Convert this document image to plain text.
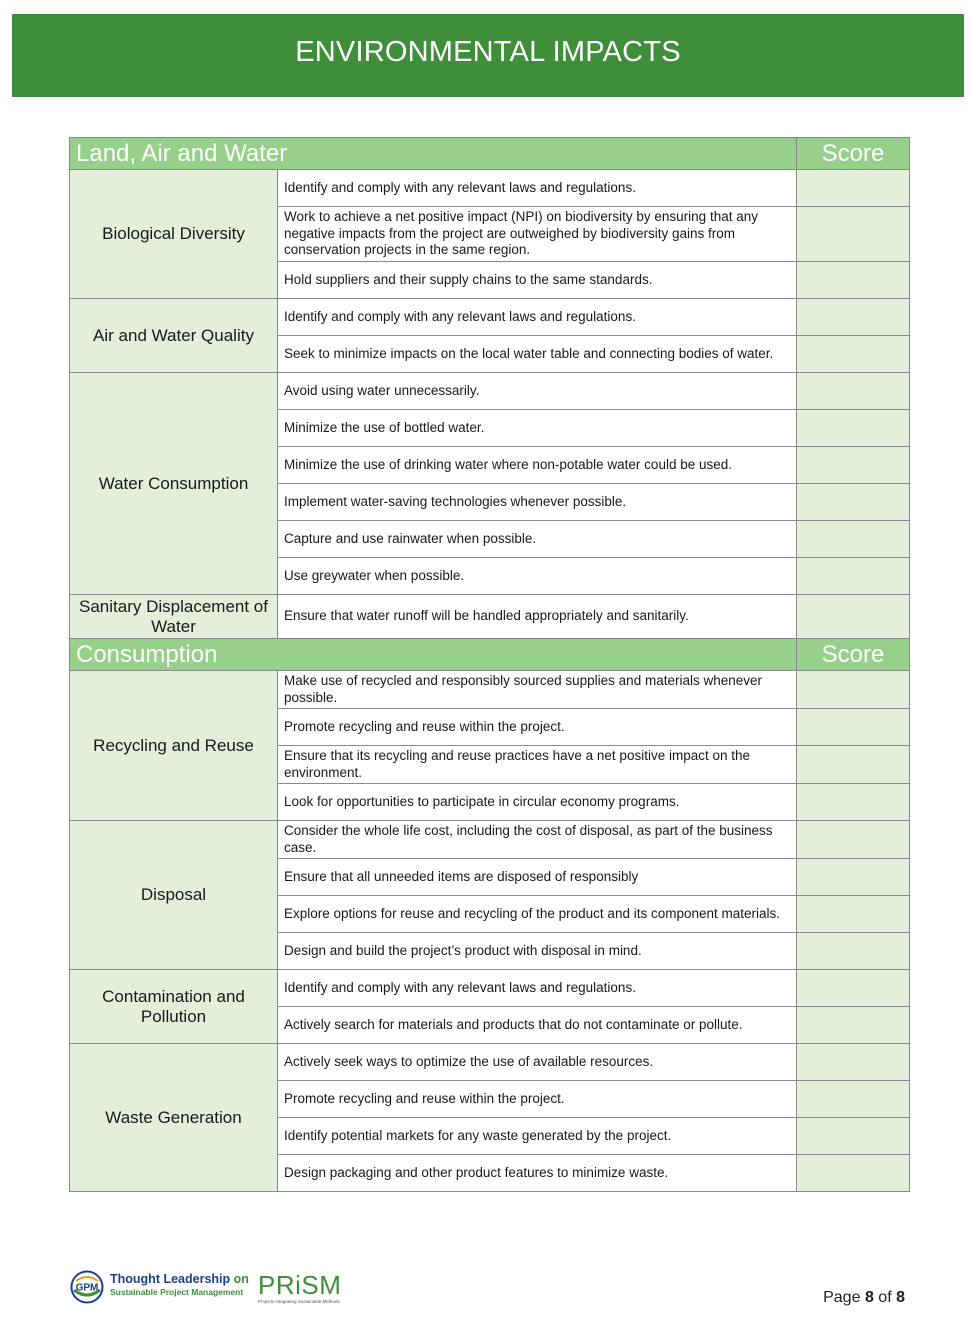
ENVIRONMENTAL IMPACTS
Land, Air and Water		Score
Biological Diversity	Identify and comply with any relevant laws and regulations.	
	Work to achieve a net positive impact (NPI) on biodiversity by ensuring that any negative impacts from the project are outweighed by biodiversity gains from conservation projects in the same region.	
	Hold suppliers and their supply chains to the same standards.	
Air and Water Quality	Identify and comply with any relevant laws and regulations.	
	Seek to minimize impacts on the local water table and connecting bodies of water.	
Water Consumption	Avoid using water unnecessarily.	
	Minimize the use of bottled water.	
	Minimize the use of drinking water where non-potable water could be used.	
	Implement water-saving technologies whenever possible.	
	Capture and use rainwater when possible.	
	Use greywater when possible.	
Sanitary Displacement of Water	Ensure that water runoff will be handled appropriately and sanitarily.	
Consumption		Score
Recycling and Reuse	Make use of recycled and responsibly sourced supplies and materials whenever possible.	
	Promote recycling and reuse within the project.	
	Ensure that its recycling and reuse practices have a net positive impact on the environment.	
	Look for opportunities to participate in circular economy programs.	
Disposal	Consider the whole life cost, including the cost of disposal, as part of the business case.	
	Ensure that all unneeded items are disposed of responsibly	
	Explore options for reuse and recycling of the product and its component materials.	
	Design and build the project’s product with disposal in mind.	
Contamination and Pollution	Identify and comply with any relevant laws and regulations.	
	Actively search for materials and products that do not contaminate or pollute.	
Waste Generation	Actively seek ways to optimize the use of available resources.	
	Promote recycling and reuse within the project.	
	Identify potential markets for any waste generated by the project.	
	Design packaging and other product features to minimize waste.	
GPM
Thought Leadership on
Sustainable Project Management PRiSM
Projects integrating Sustainable Methods	Page 8 of 8
